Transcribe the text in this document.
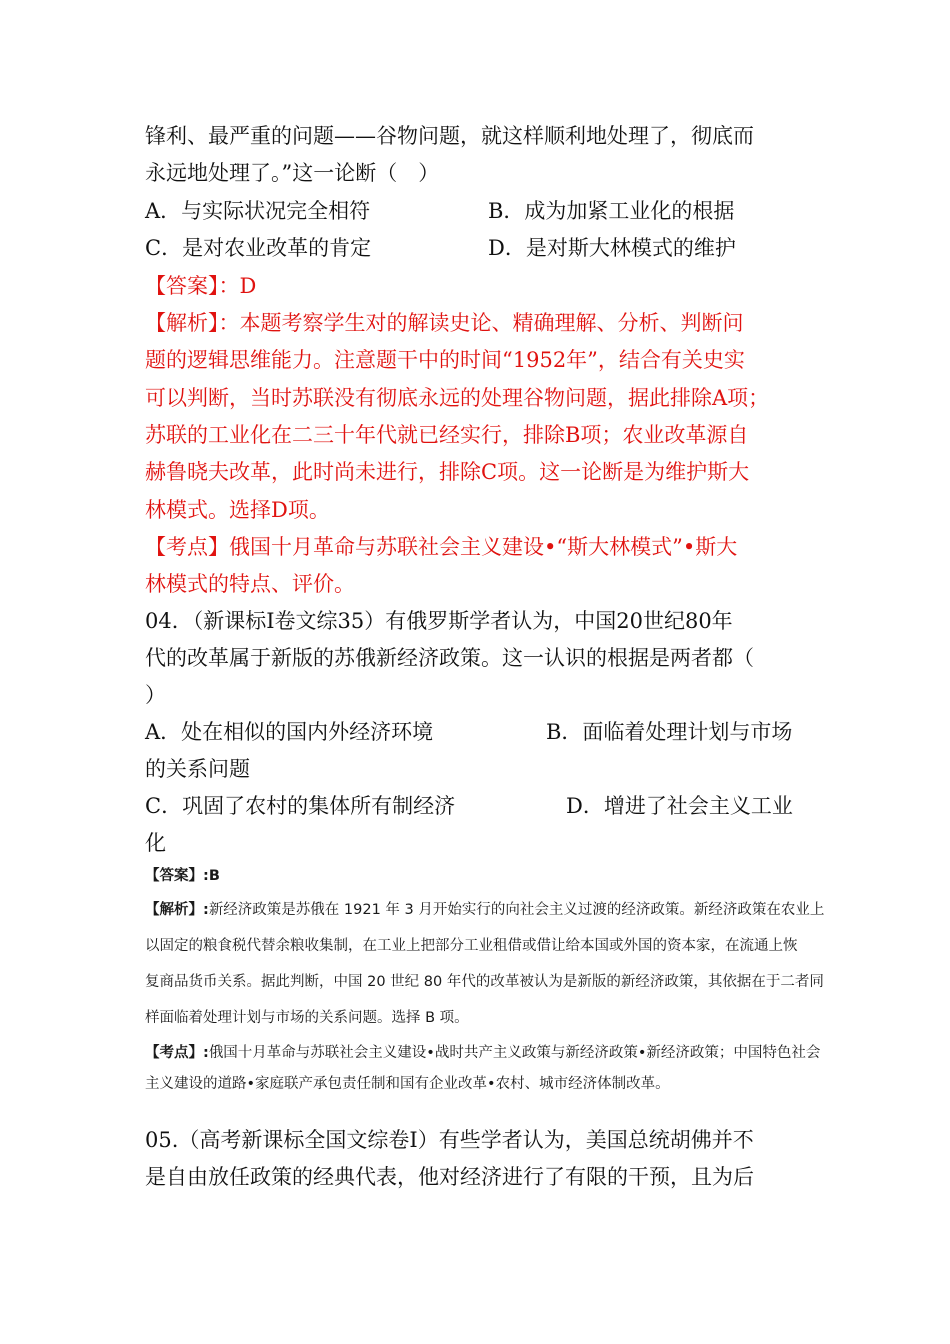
锋利、最严重的问题——谷物问题，就这样顺利地处理了，彻底而
永远地处理了。”这一论断（　）
A．与实际状况完全相符	B．成为加紧工业化的根据
C．是对农业改革的肯定	D．是对斯大林模式的维护
【答案】：D
【解析】：本题考察学生对的解读史论、精确理解、分析、判断问
题的逻辑思维能力。注意题干中的时间“1952年”，结合有关史实
可以判断，当时苏联没有彻底永远的处理谷物问题，据此排除A项；
苏联的工业化在二三十年代就已经实行，排除B项；农业改革源自
赫鲁晓夫改革，此时尚未进行，排除C项。这一论断是为维护斯大
林模式。选择D项。
【考点】俄国十月革命与苏联社会主义建设•“斯大林模式”•斯大
林模式的特点、评价。
04．（新课标Ⅰ卷文综35）有俄罗斯学者认为，中国20世纪80年
代的改革属于新版的苏俄新经济政策。这一认识的根据是两者都（
）
A．处在相似的国内外经济环境	B．面临着处理计划与市场
的关系问题
C．巩固了农村的集体所有制经济	D．增进了社会主义工业
化
【答案】:B
【解析】:新经济政策是苏俄在 1921 年 3 月开始实行的向社会主义过渡的经济政策。新经济政策在农业上
以固定的粮食税代替余粮收集制，在工业上把部分工业租借或借让给本国或外国的资本家，在流通上恢
复商品货币关系。据此判断，中国 20 世纪 80 年代的改革被认为是新版的新经济政策，其依据在于二者同
样面临着处理计划与市场的关系问题。选择 B 项。
【考点】:俄国十月革命与苏联社会主义建设•战时共产主义政策与新经济政策•新经济政策；中国特色社会
主义建设的道路•家庭联产承包责任制和国有企业改革•农村、城市经济体制改革。
05.（高考新课标全国文综卷Ⅰ）有些学者认为，美国总统胡佛并不
是自由放任政策的经典代表，他对经济进行了有限的干预，且为后
